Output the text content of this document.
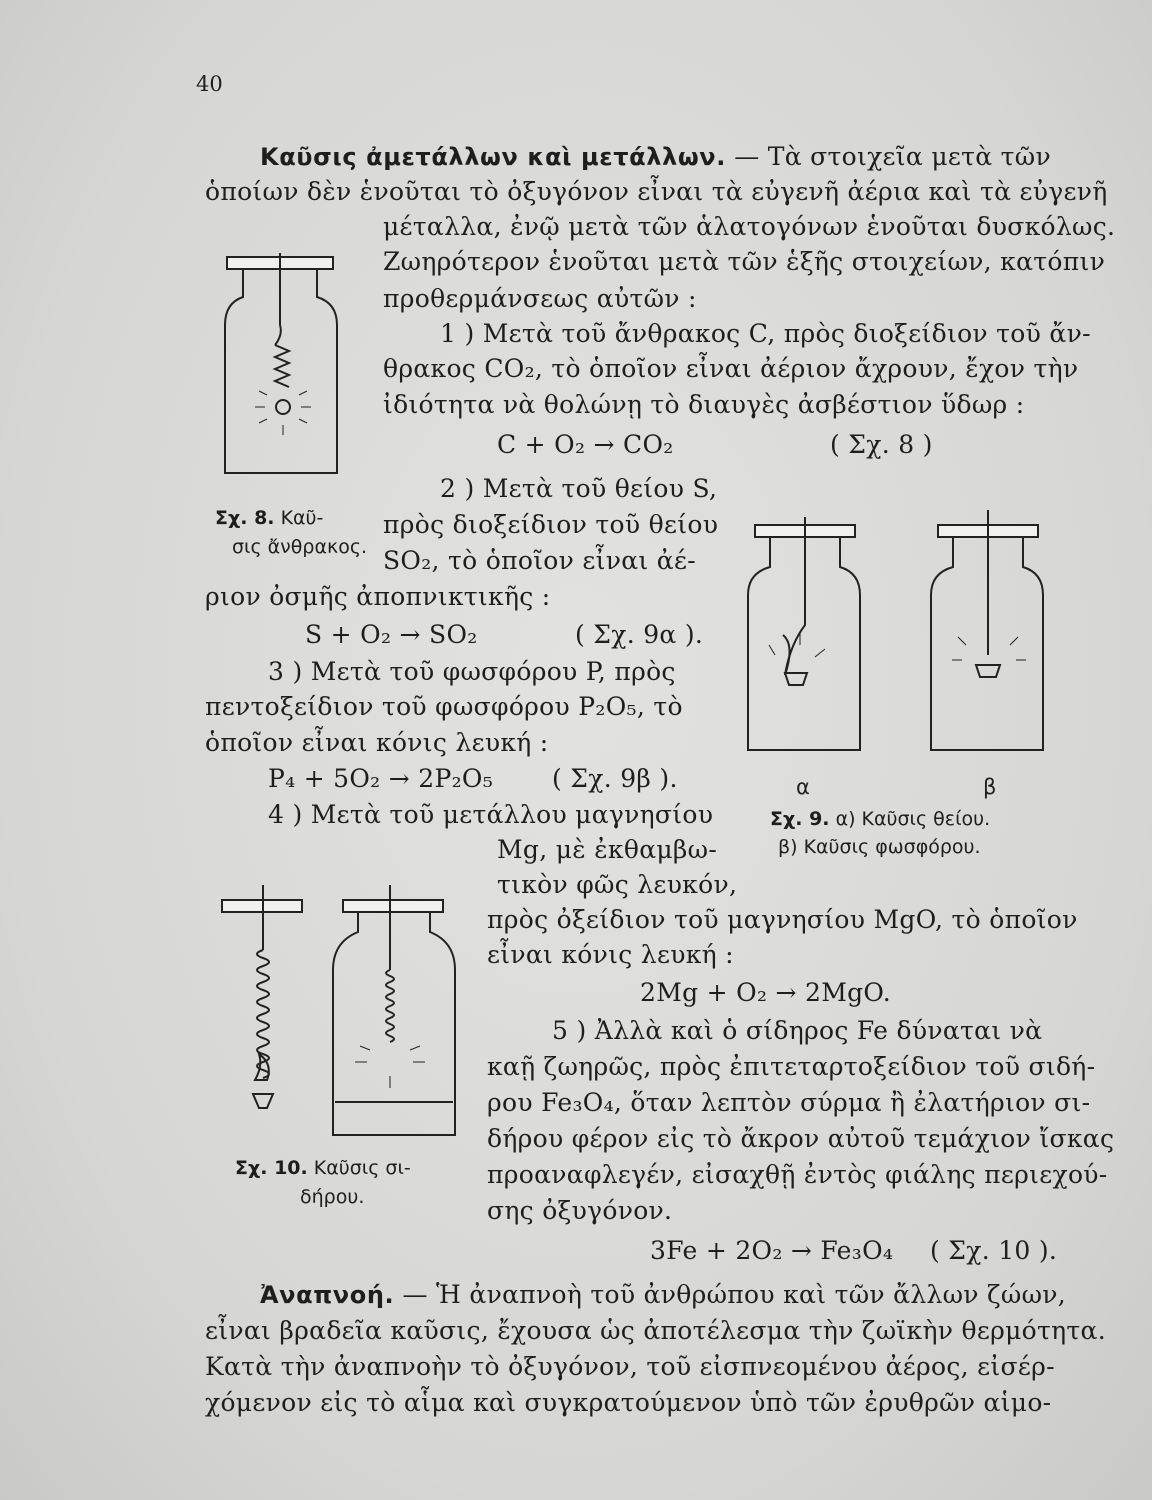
40
Καῦσις ἀμετάλλων καὶ μετάλλων. — Τὰ στοιχεῖα μετὰ τῶν
ὁποίων δὲν ἑνοῦται τὸ ὀξυγόνον εἶναι τὰ εὐγενῆ ἀέρια καὶ τὰ εὐγενῆ
μέταλλα, ἐνῷ μετὰ τῶν ἁλατογόνων ἑνοῦται δυσκόλως.
Ζωηρότερον ἑνοῦται μετὰ τῶν ἑξῆς στοιχείων, κατόπιν
προθερμάνσεως αὐτῶν :
1 ) Μετὰ τοῦ ἄνθρακος C, πρὸς διοξείδιον τοῦ ἄν-
θρακος CO₂, τὸ ὁποῖον εἶναι ἀέριον ἄχρουν, ἔχον τὴν
ἰδιότητα νὰ θολώνῃ τὸ διαυγὲς ἀσβέστιον ὕδωρ :
C + O₂ → CO₂	( Σχ. 8 )
2 ) Μετὰ τοῦ θείου S,
πρὸς διοξείδιον τοῦ θείου
SO₂, τὸ ὁποῖον εἶναι ἀέ-
ριον ὀσμῆς ἀποπνικτικῆς :
S + O₂ → SO₂	( Σχ. 9α ).
3 ) Μετὰ τοῦ φωσφόρου P, πρὸς
πεντοξείδιον τοῦ φωσφόρου P₂O₅, τὸ
ὁποῖον εἶναι κόνις λευκή :
P₄ + 5O₂ → 2P₂O₅ ( Σχ. 9β ).
4 ) Μετὰ τοῦ μετάλλου μαγνησίου
Mg, μὲ ἐκθαμβω-
τικὸν φῶς λευκόν,
πρὸς ὀξείδιον τοῦ μαγνησίου MgO, τὸ ὁποῖον
εἶναι κόνις λευκή :
2Mg + O₂ → 2MgO.
5 ) Ἀλλὰ καὶ ὁ σίδηρος Fe δύναται νὰ
καῇ ζωηρῶς, πρὸς ἐπιτεταρτοξείδιον τοῦ σιδή-
ρου Fe₃O₄, ὅταν λεπτὸν σύρμα ἢ ἐλατήριον σι-
δήρου φέρον εἰς τὸ ἄκρον αὐτοῦ τεμάχιον ἴσκας
προαναφλεγέν, εἰσαχθῇ ἐντὸς φιάλης περιεχού-
σης ὀξυγόνον.
3Fe + 2O₂ → Fe₃O₄ ( Σχ. 10 ).
Ἀναπνοή. — Ἡ ἀναπνοὴ τοῦ ἀνθρώπου καὶ τῶν ἄλλων ζώων,
εἶναι βραδεῖα καῦσις, ἔχουσα ὡς ἀποτέλεσμα τὴν ζωϊκὴν θερμότητα.
Κατὰ τὴν ἀναπνοὴν τὸ ὀξυγόνον, τοῦ εἰσπνεομένου ἀέρος, εἰσέρ-
χόμενον εἰς τὸ αἷμα καὶ συγκρατούμενον ὑπὸ τῶν ἐρυθρῶν αἱμο-
Σχ. 8. Καῦ-
σις ἄνθρακος.
α	β
Σχ. 9. α) Καῦσις θείου.
β) Καῦσις φωσφόρου.
Σχ. 10. Καῦσις σι-
δήρου.
